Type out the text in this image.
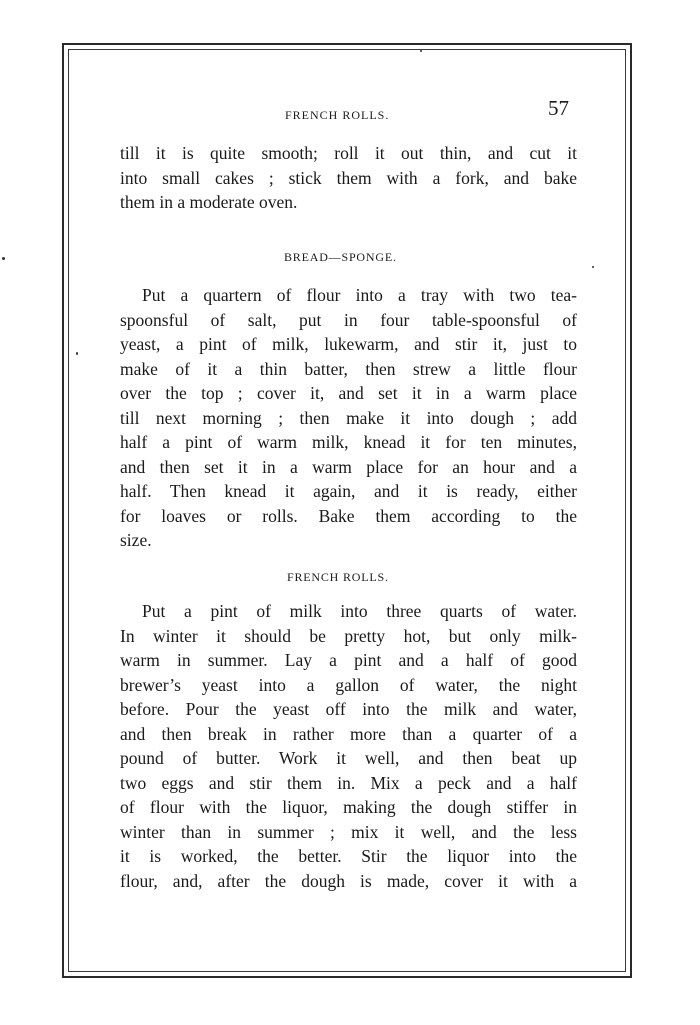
FRENCH ROLLS.	57
till it is quite smooth; roll it out thin, and cut it
into small cakes ; stick them with a fork, and bake
them in a moderate oven.
BREAD—SPONGE.
Put a quartern of flour into a tray with two tea-
spoonsful of salt, put in four table-spoonsful of
yeast, a pint of milk, lukewarm, and stir it, just to
make of it a thin batter, then strew a little flour
over the top ; cover it, and set it in a warm place
till next morning ; then make it into dough ; add
half a pint of warm milk, knead it for ten minutes,
and then set it in a warm place for an hour and a
half. Then knead it again, and it is ready, either
for loaves or rolls. Bake them according to the
size.
FRENCH ROLLS.
Put a pint of milk into three quarts of water.
In winter it should be pretty hot, but only milk-
warm in summer. Lay a pint and a half of good
brewer’s yeast into a gallon of water, the night
before. Pour the yeast off into the milk and water,
and then break in rather more than a quarter of a
pound of butter. Work it well, and then beat up
two eggs and stir them in. Mix a peck and a half
of flour with the liquor, making the dough stiffer in
winter than in summer ; mix it well, and the less
it is worked, the better. Stir the liquor into the
flour, and, after the dough is made, cover it with a
